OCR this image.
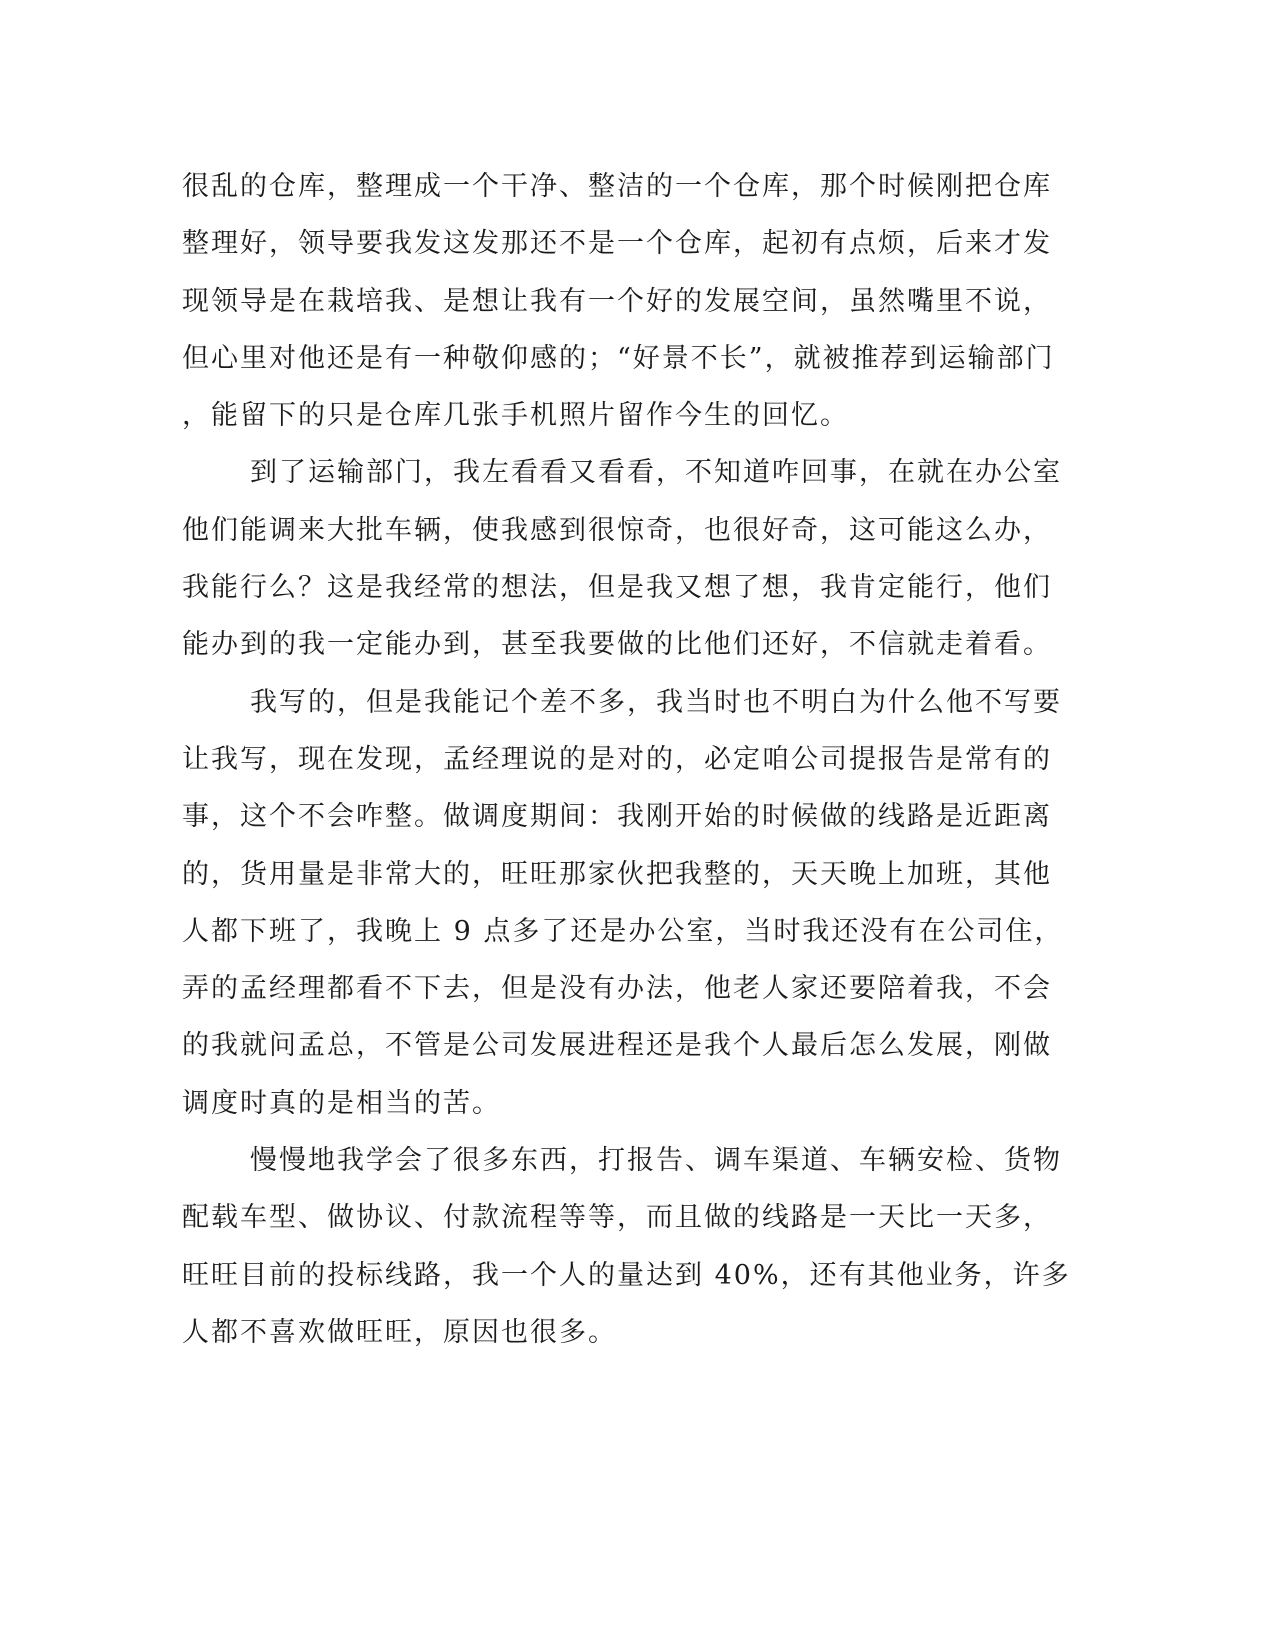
很乱的仓库，整理成一个干净、整洁的一个仓库，那个时候刚把仓库
整理好，领导要我发这发那还不是一个仓库，起初有点烦，后来才发
现领导是在栽培我、是想让我有一个好的发展空间，虽然嘴里不说，
但心里对他还是有一种敬仰感的；“好景不长”，就被推荐到运输部门
，能留下的只是仓库几张手机照片留作今生的回忆。
到了运输部门，我左看看又看看，不知道咋回事，在就在办公室
他们能调来大批车辆，使我感到很惊奇，也很好奇，这可能这么办，
我能行么？这是我经常的想法，但是我又想了想，我肯定能行，他们
能办到的我一定能办到，甚至我要做的比他们还好，不信就走着看。
我写的，但是我能记个差不多，我当时也不明白为什么他不写要
让我写，现在发现，孟经理说的是对的，必定咱公司提报告是常有的
事，这个不会咋整。做调度期间：我刚开始的时候做的线路是近距离
的，货用量是非常大的，旺旺那家伙把我整的，天天晚上加班，其他
人都下班了，我晚上 9 点多了还是办公室，当时我还没有在公司住，
弄的孟经理都看不下去，但是没有办法，他老人家还要陪着我，不会
的我就问孟总，不管是公司发展进程还是我个人最后怎么发展，刚做
调度时真的是相当的苦。
慢慢地我学会了很多东西，打报告、调车渠道、车辆安检、货物
配载车型、做协议、付款流程等等，而且做的线路是一天比一天多，
旺旺目前的投标线路，我一个人的量达到 40%，还有其他业务，许多
人都不喜欢做旺旺，原因也很多。
